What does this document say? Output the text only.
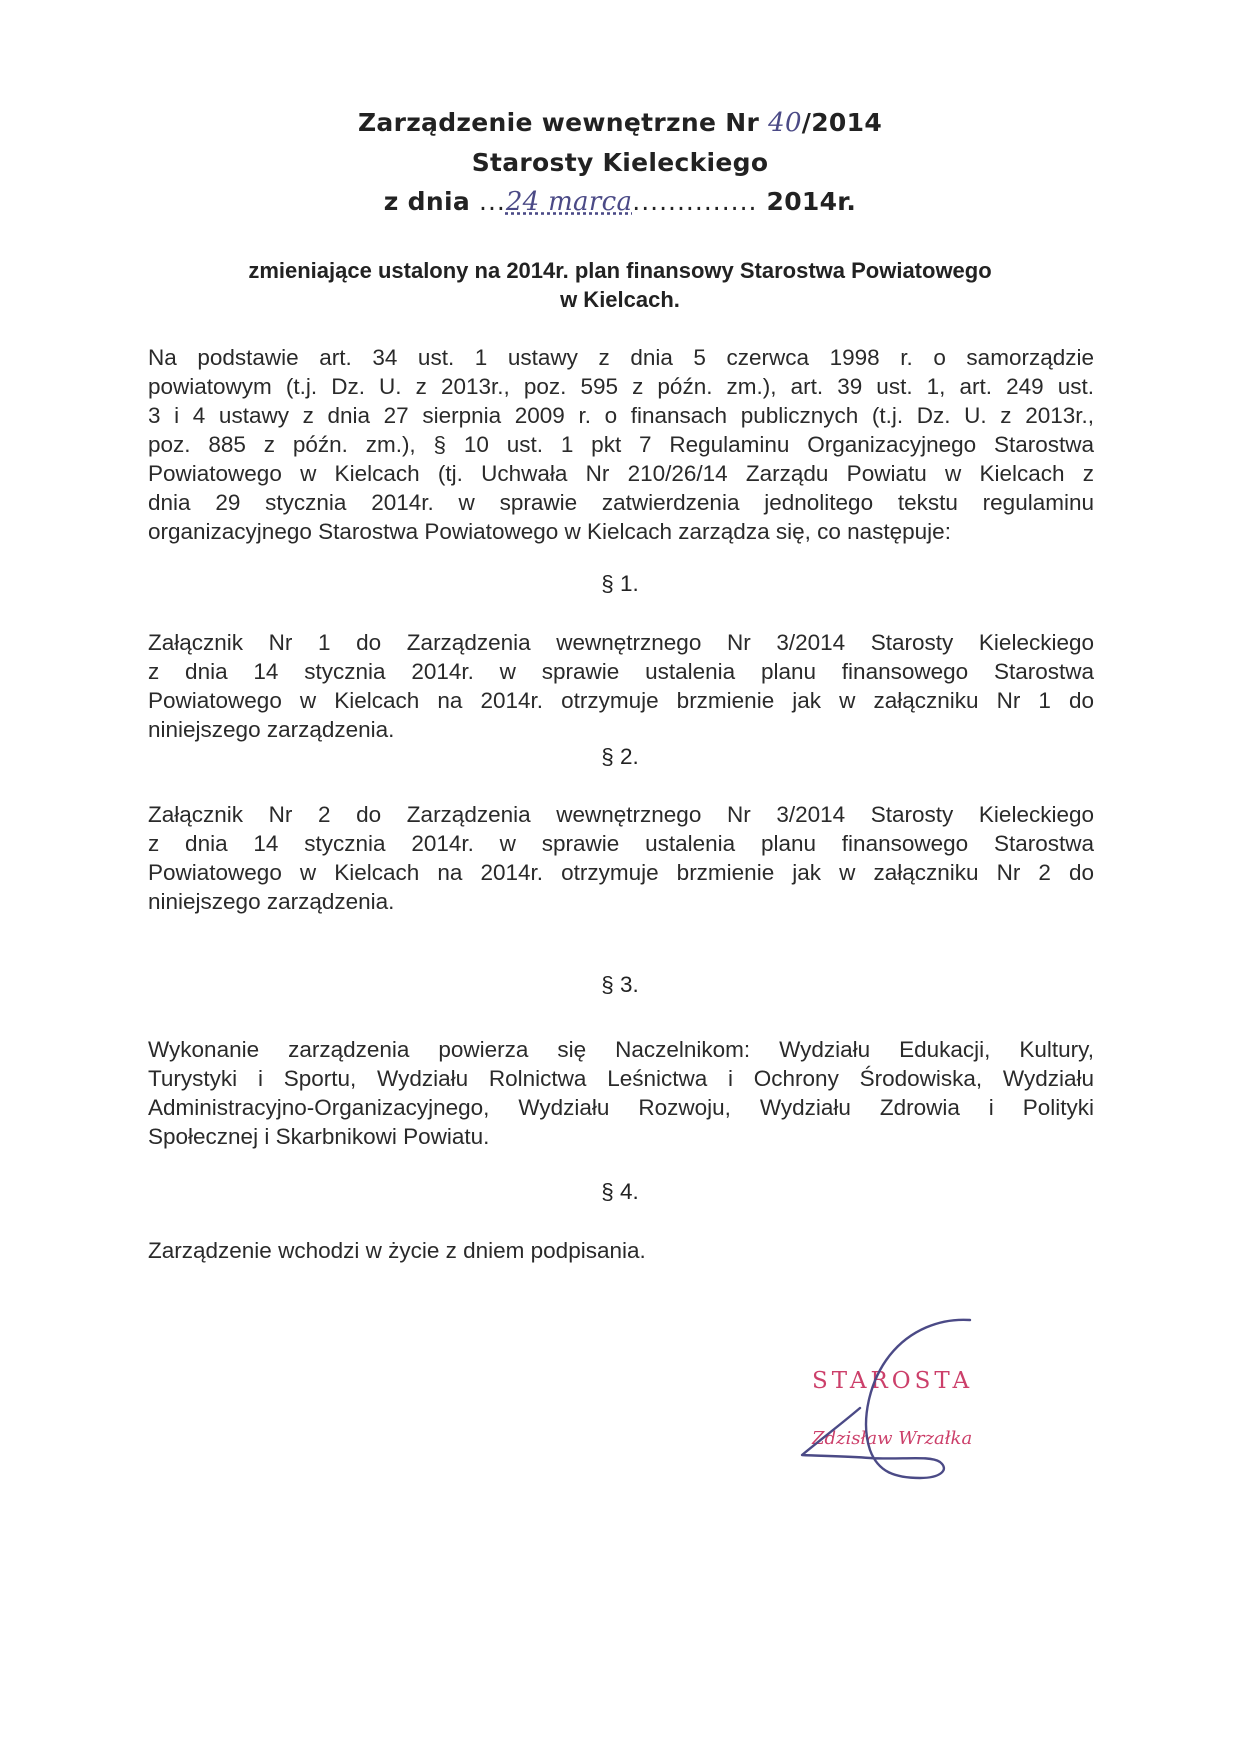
Zarządzenie wewnętrzne Nr 40/2014
Starosty Kieleckiego
z dnia ...24 marca.............. 2014r.
zmieniające ustalony na 2014r. plan finansowy Starostwa Powiatowego
w Kielcach.
Na podstawie art. 34 ust. 1 ustawy z dnia 5 czerwca 1998 r. o samorządzie
powiatowym (t.j. Dz. U. z 2013r., poz. 595 z późn. zm.), art. 39 ust. 1, art. 249 ust.
3 i 4 ustawy z dnia 27 sierpnia 2009 r. o finansach publicznych (t.j. Dz. U. z 2013r.,
poz. 885 z późn. zm.), § 10 ust. 1 pkt 7 Regulaminu Organizacyjnego Starostwa
Powiatowego w Kielcach (tj. Uchwała Nr 210/26/14 Zarządu Powiatu w Kielcach z
dnia 29 stycznia 2014r. w sprawie zatwierdzenia jednolitego tekstu regulaminu
organizacyjnego Starostwa Powiatowego w Kielcach zarządza się, co następuje:
§ 1.
Załącznik Nr 1 do Zarządzenia wewnętrznego Nr 3/2014 Starosty Kieleckiego
z dnia 14 stycznia 2014r. w sprawie ustalenia planu finansowego Starostwa
Powiatowego w Kielcach na 2014r. otrzymuje brzmienie jak w załączniku Nr 1 do
niniejszego zarządzenia.
§ 2.
Załącznik Nr 2 do Zarządzenia wewnętrznego Nr 3/2014 Starosty Kieleckiego
z dnia 14 stycznia 2014r. w sprawie ustalenia planu finansowego Starostwa
Powiatowego w Kielcach na 2014r. otrzymuje brzmienie jak w załączniku Nr 2 do
niniejszego zarządzenia.
§ 3.
Wykonanie zarządzenia powierza się Naczelnikom: Wydziału Edukacji, Kultury,
Turystyki i Sportu, Wydziału Rolnictwa Leśnictwa i Ochrony Środowiska, Wydziału
Administracyjno-Organizacyjnego, Wydziału Rozwoju, Wydziału Zdrowia i Polityki
Społecznej i Skarbnikowi Powiatu.
§ 4.
Zarządzenie wchodzi w życie z dniem podpisania.
STAROSTA
Zdzisław Wrzałka
